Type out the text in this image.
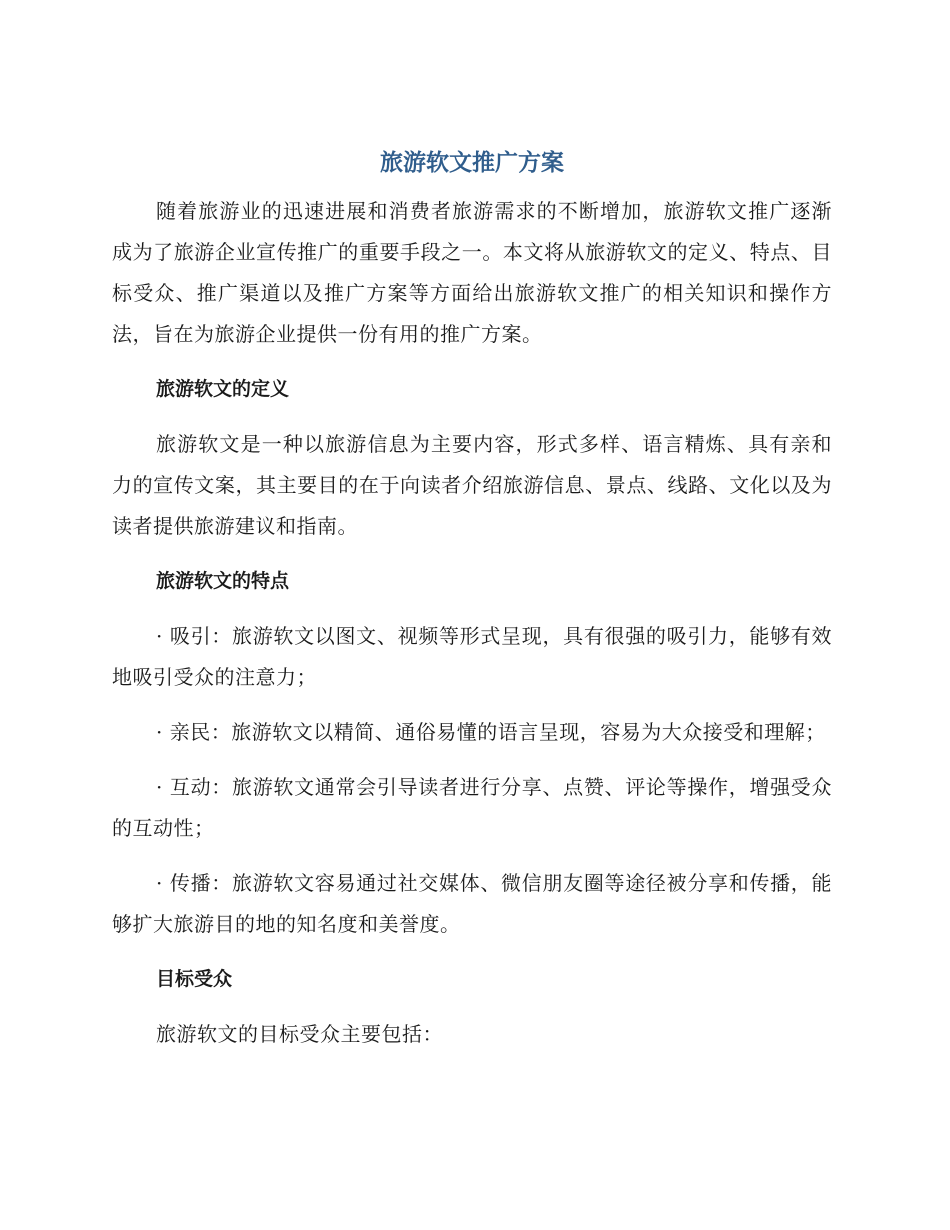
旅游软文推广方案

随着旅游业的迅速进展和消费者旅游需求的不断增加，旅游软文推广逐渐成为了旅游企业宣传推广的重要手段之一。本文将从旅游软文的定义、特点、目标受众、推广渠道以及推广方案等方面给出旅游软文推广的相关知识和操作方法，旨在为旅游企业提供一份有用的推广方案。

旅游软文的定义

旅游软文是一种以旅游信息为主要内容，形式多样、语言精炼、具有亲和力的宣传文案，其主要目的在于向读者介绍旅游信息、景点、线路、文化以及为读者提供旅游建议和指南。

旅游软文的特点

· 吸引：旅游软文以图文、视频等形式呈现，具有很强的吸引力，能够有效地吸引受众的注意力；

· 亲民：旅游软文以精简、通俗易懂的语言呈现，容易为大众接受和理解；

· 互动：旅游软文通常会引导读者进行分享、点赞、评论等操作，增强受众的互动性；

· 传播：旅游软文容易通过社交媒体、微信朋友圈等途径被分享和传播，能够扩大旅游目的地的知名度和美誉度。

目标受众

旅游软文的目标受众主要包括：
